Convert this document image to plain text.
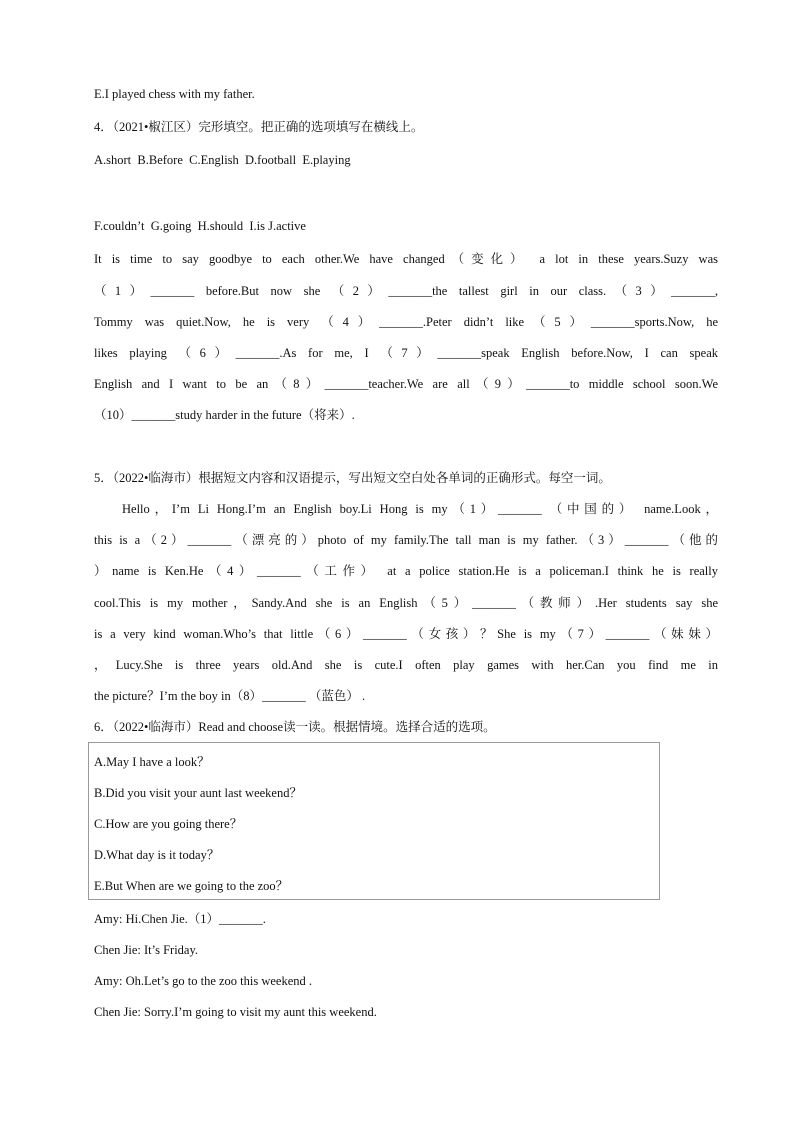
E.I played chess with my father.
4．（2021•椒江区）完形填空。把正确的选项填写在横线上。
A.short  B.Before  C.English  D.football  E.playing
F.couldn’t  G.going  H.should  I.is J.active
It is time to say goodbye to each other.We have changed（变化） a lot in these years.Suzy was
（1）_______ before.But now she （2）_______the tallest girl in our class.（3）_______,
Tommy was quiet.Now, he is very （4）_______.Peter didn’t like（5）_______sports.Now, he
likes playing （6）_______.As for me, I （7）_______speak English before.Now, I can speak
English and I want to be an（8）_______teacher.We are all（9）_______to middle school soon.We
（10）_______study harder in the future（将来）.
5．（2022•临海市）根据短文内容和汉语提示，写出短文空白处各单词的正确形式。每空一词。
Hello，I’m Li Hong.I’m an English boy.Li Hong is my（1）_______ （中国的） name.Look，
this is a（2）_______（漂亮的）photo of my family.The tall man is my father.（3）_______（他的
）name is Ken.He（4）_______（工作） at a police station.He is a policeman.I think he is really
cool.This is my mother，Sandy.And she is an English（5）_______（教师）.Her students say she
is a very kind woman.Who’s that little（6）_______（女孩）？She is my（7）_______（妹妹）
，Lucy.She is three years old.And she is cute.I often play games with her.Can you find me in
the picture？I’m the boy in（8）_______ （蓝色） .
6．（2022•临海市）Read and choose读一读。根据情境。选择合适的选项。
A.May I have a look？
B.Did you visit your aunt last weekend？
C.How are you going there？
D.What day is it today？
E.But When are we going to the zoo？
Amy: Hi.Chen Jie.（1）_______.
Chen Jie: It’s Friday.
Amy: Oh.Let’s go to the zoo this weekend .
Chen Jie: Sorry.I’m going to visit my aunt this weekend.
